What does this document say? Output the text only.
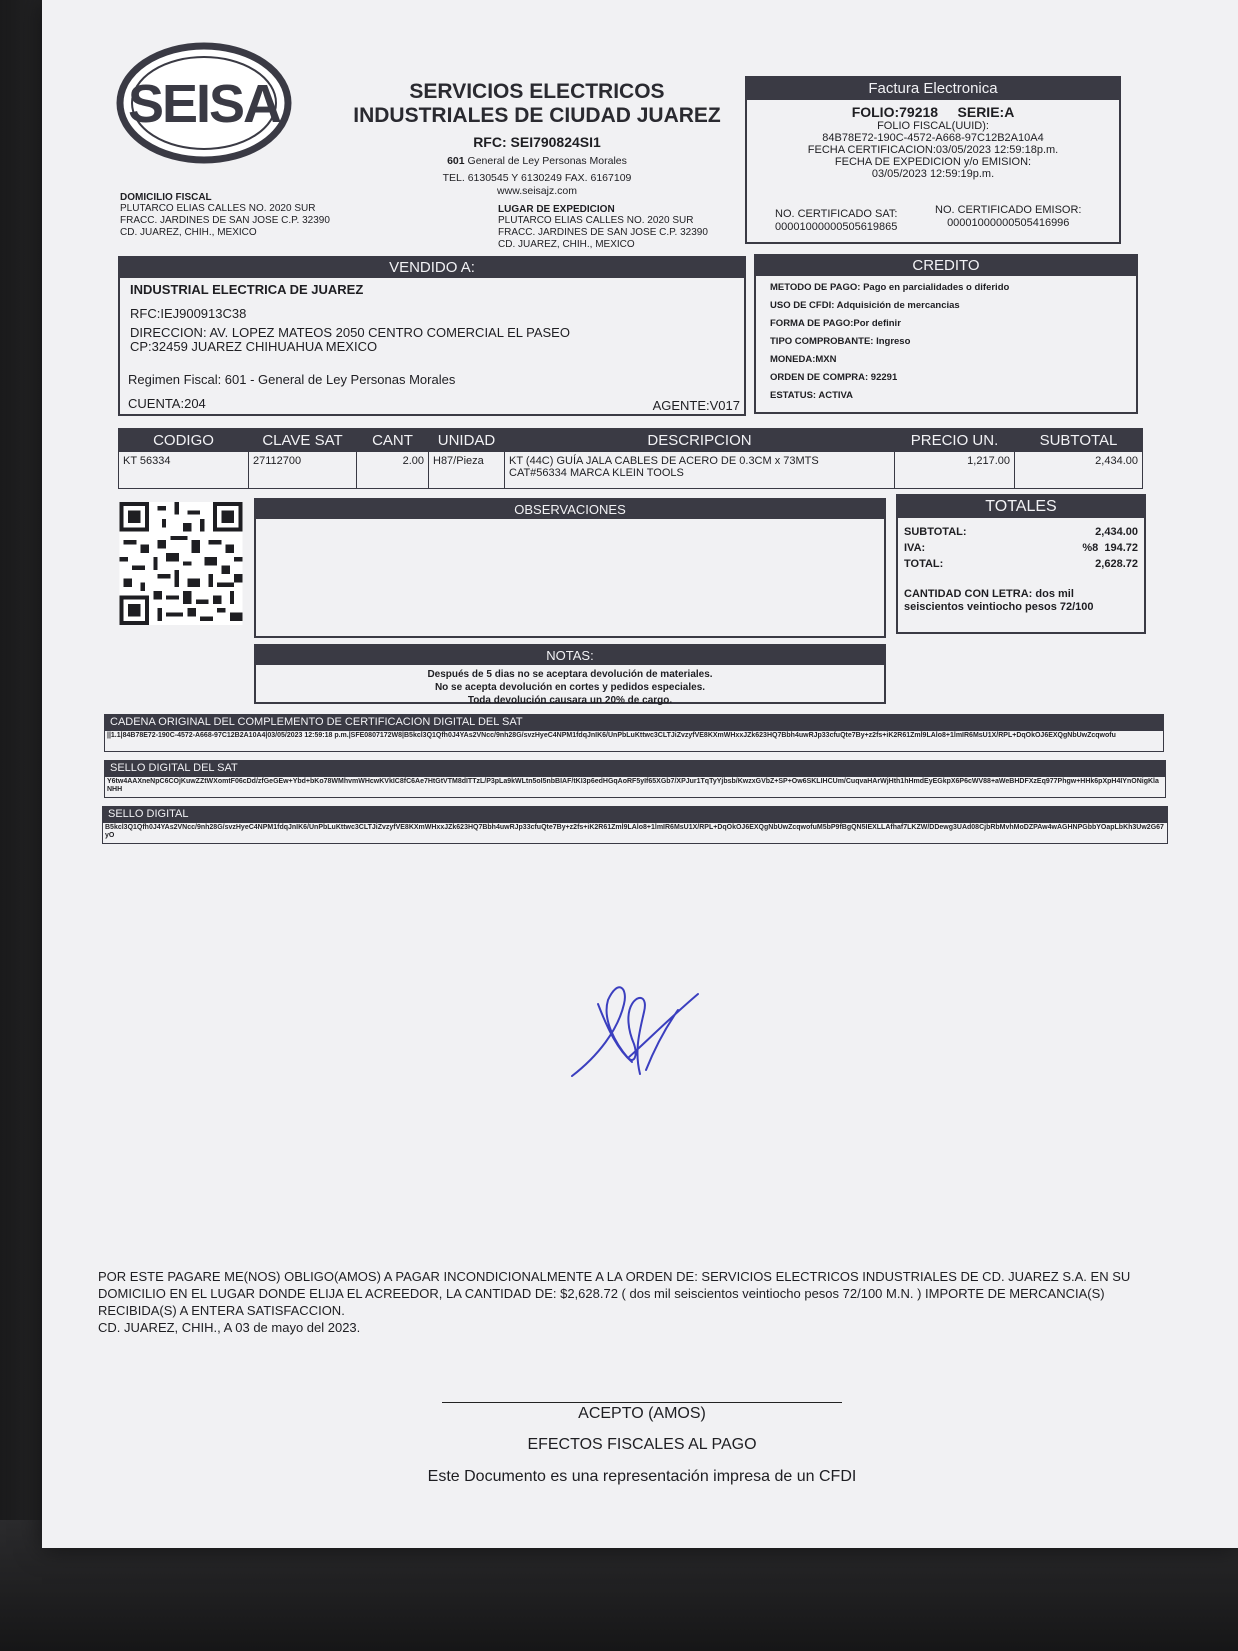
SEISA	SERVICIOS ELECTRICOS
INDUSTRIALES DE CIUDAD JUAREZ
RFC: SEI790824SI1
601 General de Ley Personas Morales
TEL. 6130545 Y 6130249 FAX. 6167109
www.seisajz.com
DOMICILIO FISCAL
PLUTARCO ELIAS CALLES NO. 2020 SUR
FRACC. JARDINES DE SAN JOSE C.P. 32390
CD. JUAREZ, CHIH., MEXICO
LUGAR DE EXPEDICION
PLUTARCO ELIAS CALLES NO. 2020 SUR
FRACC. JARDINES DE SAN JOSE C.P. 32390
CD. JUAREZ, CHIH., MEXICO
Factura Electronica
FOLIO:79218 SERIE:A
FOLIO FISCAL(UUID):
84B78E72-190C-4572-A668-97C12B2A10A4
FECHA CERTIFICACION:03/05/2023 12:59:18p.m.
FECHA DE EXPEDICION y/o EMISION:
03/05/2023 12:59:19p.m.
NO. CERTIFICADO SAT:
00001000000505619865
NO. CERTIFICADO EMISOR:
00001000000505416996
VENDIDO A:
INDUSTRIAL ELECTRICA DE JUAREZ
RFC:IEJ900913C38
DIRECCION: AV. LOPEZ MATEOS 2050 CENTRO COMERCIAL EL PASEO
CP:32459 JUAREZ CHIHUAHUA MEXICO
Regimen Fiscal: 601 - General de Ley Personas Morales
CUENTA:204	AGENTE:V017
CREDITO
METODO DE PAGO: Pago en parcialidades o diferido
USO DE CFDI: Adquisición de mercancias
FORMA DE PAGO:Por definir
TIPO COMPROBANTE: Ingreso
MONEDA:MXN
ORDEN DE COMPRA: 92291
ESTATUS: ACTIVA
CODIGO	CLAVE SAT	CANT	UNIDAD	DESCRIPCION	PRECIO UN.	SUBTOTAL
KT 56334	27112700	2.00	H87/Pieza	KT (44C) GUÍA JALA CABLES DE ACERO DE 0.3CM x 73MTS
CAT#56334 MARCA KLEIN TOOLS	1,217.00	2,434.00
OBSERVACIONES	TOTALES
SUBTOTAL:	2,434.00
IVA:	%8 194.72
TOTAL:	2,628.72
CANTIDAD CON LETRA: dos mil
seiscientos veintiocho pesos 72/100
NOTAS:
Después de 5 dias no se aceptara devolución de materiales.
No se acepta devolución en cortes y pedidos especiales.
Toda devolución causara un 20% de cargo.
CADENA ORIGINAL DEL COMPLEMENTO DE CERTIFICACION DIGITAL DEL SAT
||1.1|84B78E72-190C-4572-A668-97C12B2A10A4|03/05/2023 12:59:18 p.m.|SFE0807172W8|B5kcl3Q1Qfh0J4YAs2VNcc/9nh28G/svzHyeC4NPM1fdqJnIK6/UnPbLuKttwc3CLTJiZvzyfVE8KXmWHxxJZk623HQ7Bbh4uwRJp33cfuQte7By+z2fs+iK2R61Zml9LAlo8+1lmIR6MsU1X/RPL+DqOkOJ6EXQgNbUwZcqwofu
SELLO DIGITAL DEL SAT
Y6tw4AAXneNpC6COjKuwZZtWXomtF06cDd/zfGeGEw+Ybd+bKo78WMhvmWHcwKVkIC8fC6Ae7HtGtVTM8dITTzL/P3pLa9kWLtn5oI5nbBIAF/tKI3p6edHGqAoRF5yIf65XGb7/XPJur1TqTyYjbsb/KwzxGVbZ+SP+Ow6SKLIHCUm/CuqvaHArWjHth1hHmdEyEGkpX6P6cWV88+aWeBHDFXzEq977Phgw+HHk6pXpH4IYnONigKlaNHH
SELLO DIGITAL
B5kcl3Q1Qfh0J4YAs2VNcc/9nh28G/svzHyeC4NPM1fdqJnIK6/UnPbLuKttwc3CLTJiZvzyfVE8KXmWHxxJZk623HQ7Bbh4uwRJp33cfuQte7By+z2fs+iK2R61Zml9LAlo8+1lmIR6MsU1X/RPL+DqOkOJ6EXQgNbUwZcqwofuM5bP9fBgQN5IEXLLAfhaf7LKZW/DDewg3UAd08CjbRbMvhMoDZPAw4wAGHNPGbbYOapLbKh3Uw2G67yO
POR ESTE PAGARE ME(NOS) OBLIGO(AMOS) A PAGAR INCONDICIONALMENTE A LA ORDEN DE: SERVICIOS ELECTRICOS INDUSTRIALES DE CD. JUAREZ S.A. EN SU
DOMICILIO EN EL LUGAR DONDE ELIJA EL ACREEDOR, LA CANTIDAD DE: $2,628.72 ( dos mil seiscientos veintiocho pesos 72/100 M.N. ) IMPORTE DE MERCANCIA(S)
RECIBIDA(S) A ENTERA SATISFACCION.
CD. JUAREZ, CHIH., A 03 de mayo del 2023.
ACEPTO (AMOS)
EFECTOS FISCALES AL PAGO
Este Documento es una representación impresa de un CFDI
